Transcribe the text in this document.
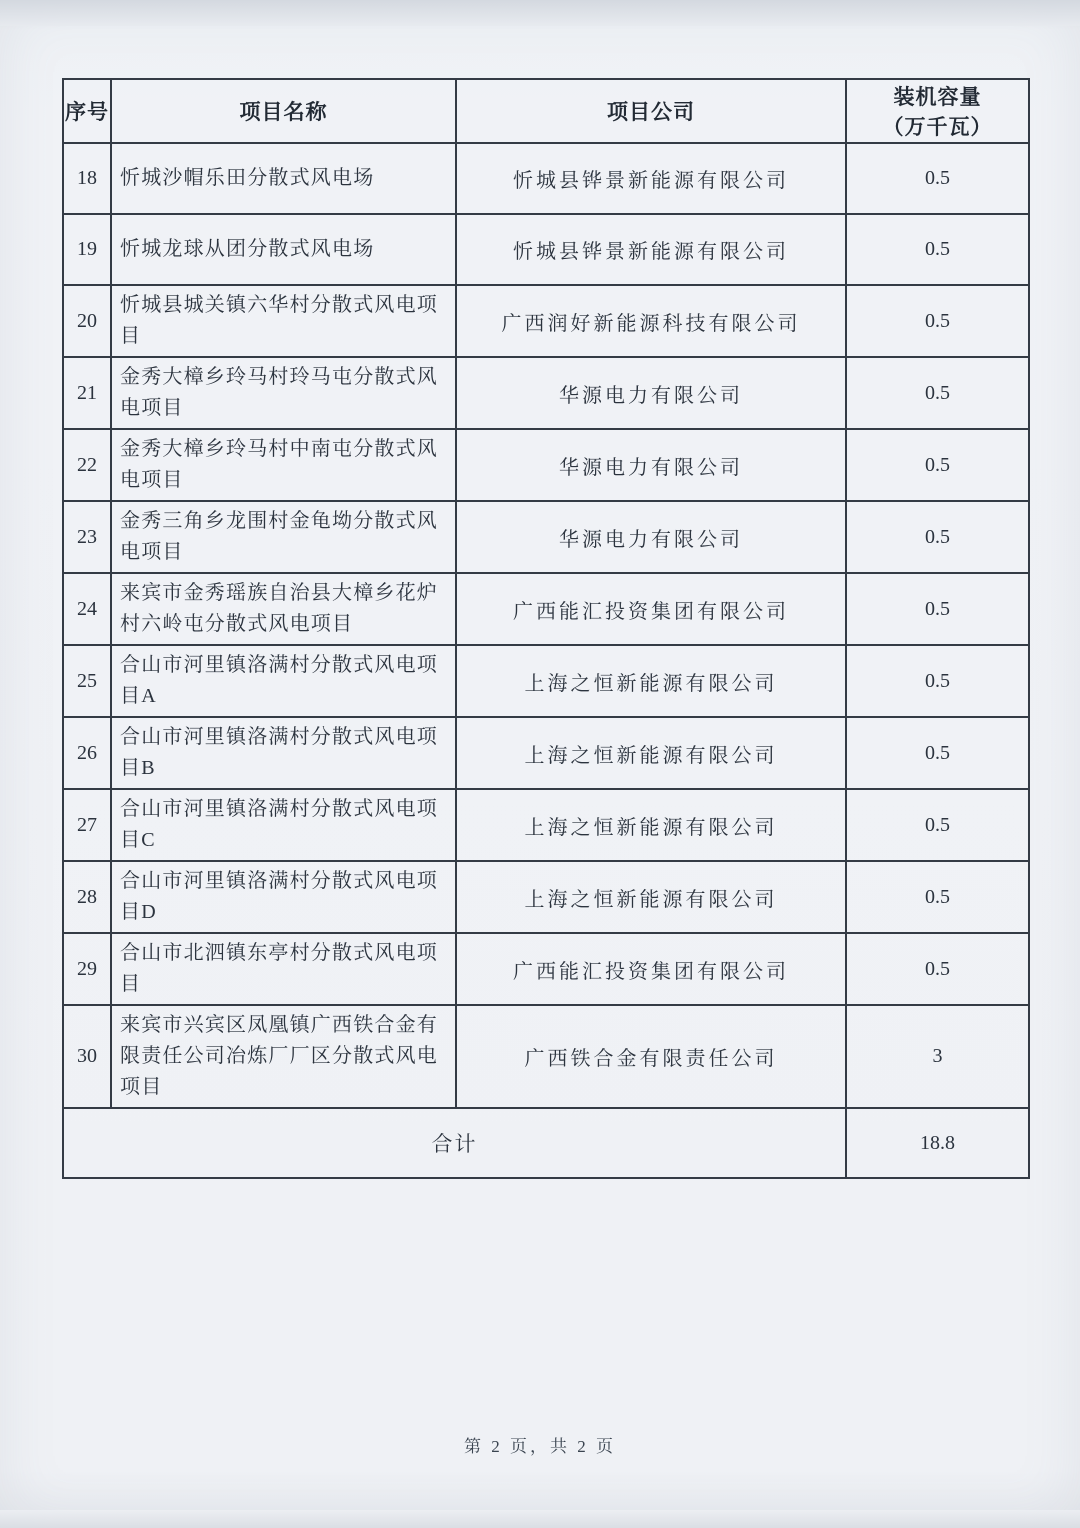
序号	项目名称	项目公司	装机容量
（万千瓦）

18	忻城沙帽乐田分散式风电场	忻城县铧景新能源有限公司	0.5
19	忻城龙球从团分散式风电场	忻城县铧景新能源有限公司	0.5
20	忻城县城关镇六华村分散式风电项目	广西润好新能源科技有限公司	0.5
21	金秀大樟乡玲马村玲马屯分散式风电项目	华源电力有限公司	0.5
22	金秀大樟乡玲马村中南屯分散式风电项目	华源电力有限公司	0.5
23	金秀三角乡龙围村金龟坳分散式风电项目	华源电力有限公司	0.5
24	来宾市金秀瑶族自治县大樟乡花炉村六岭屯分散式风电项目	广西能汇投资集团有限公司	0.5
25	合山市河里镇洛满村分散式风电项目A	上海之恒新能源有限公司	0.5
26	合山市河里镇洛满村分散式风电项目B	上海之恒新能源有限公司	0.5
27	合山市河里镇洛满村分散式风电项目C	上海之恒新能源有限公司	0.5
28	合山市河里镇洛满村分散式风电项目D	上海之恒新能源有限公司	0.5
29	合山市北泗镇东亭村分散式风电项目	广西能汇投资集团有限公司	0.5
30	来宾市兴宾区凤凰镇广西铁合金有限责任公司冶炼厂厂区分散式风电项目	广西铁合金有限责任公司	3
合计			18.8
第 2 页，共 2 页
